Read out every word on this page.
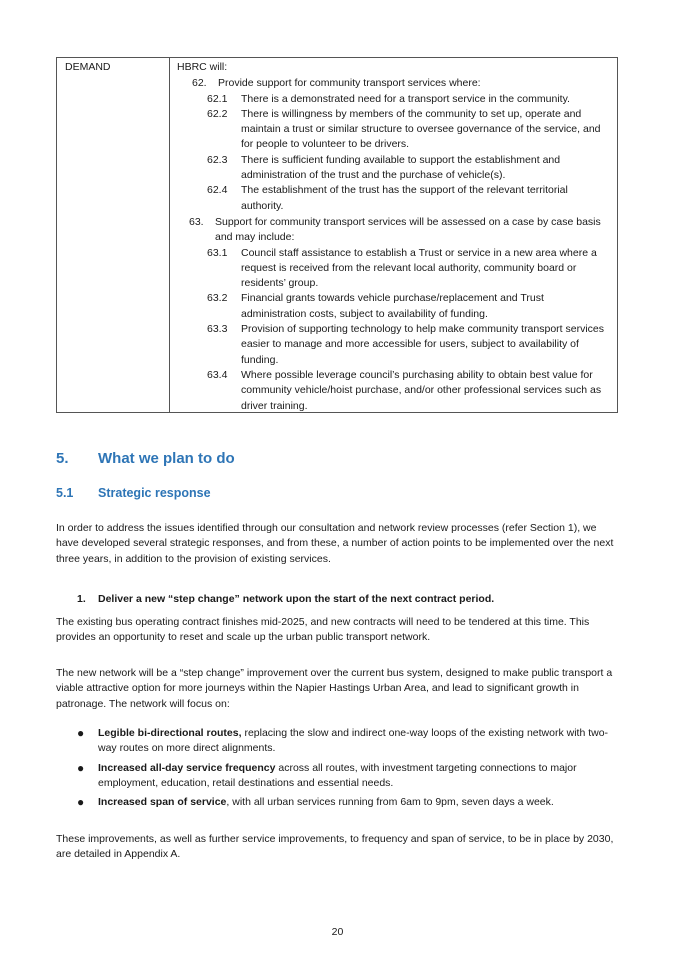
DEMAND	HBRC will:
62.	Provide support for community transport services where:
62.1	There is a demonstrated need for a transport service in the community.
62.2	There is willingness by members of the community to set up, operate and maintain a trust or similar structure to oversee governance of the service, and for people to volunteer to be drivers.
62.3	There is sufficient funding available to support the establishment and administration of the trust and the purchase of vehicle(s).
62.4	The establishment of the trust has the support of the relevant territorial authority.
63.	Support for community transport services will be assessed on a case by case basis and may include:
63.1	Council staff assistance to establish a Trust or service in a new area where a request is received from the relevant local authority, community board or residents’ group.
63.2	Financial grants towards vehicle purchase/replacement and Trust administration costs, subject to availability of funding.
63.3	Provision of supporting technology to help make community transport services easier to manage and more accessible for users, subject to availability of funding.
63.4	Where possible leverage council’s purchasing ability to obtain best value for community vehicle/hoist purchase, and/or other professional services such as driver training.
5.	What we plan to do
5.1	Strategic response

In order to address the issues identified through our consultation and network review processes (refer Section 1), we have developed several strategic responses, and from these, a number of action points to be implemented over the next three years, in addition to the provision of existing services.

1.	Deliver a new “step change” network upon the start of the next contract period.

The existing bus operating contract finishes mid-2025, and new contracts will need to be tendered at this time. This provides an opportunity to reset and scale up the urban public transport network.

The new network will be a “step change” improvement over the current bus system, designed to make public transport a viable attractive option for more journeys within the Napier Hastings Urban Area, and lead to significant growth in patronage. The network will focus on:

●	Legible bi-directional routes, replacing the slow and indirect one-way loops of the existing network with two-way routes on more direct alignments.
●	Increased all-day service frequency across all routes, with investment targeting connections to major employment, education, retail destinations and essential needs.
●	Increased span of service, with all urban services running from 6am to 9pm, seven days a week.

These improvements, as well as further service improvements, to frequency and span of service, to be in place by 2030, are detailed in Appendix A.

20
